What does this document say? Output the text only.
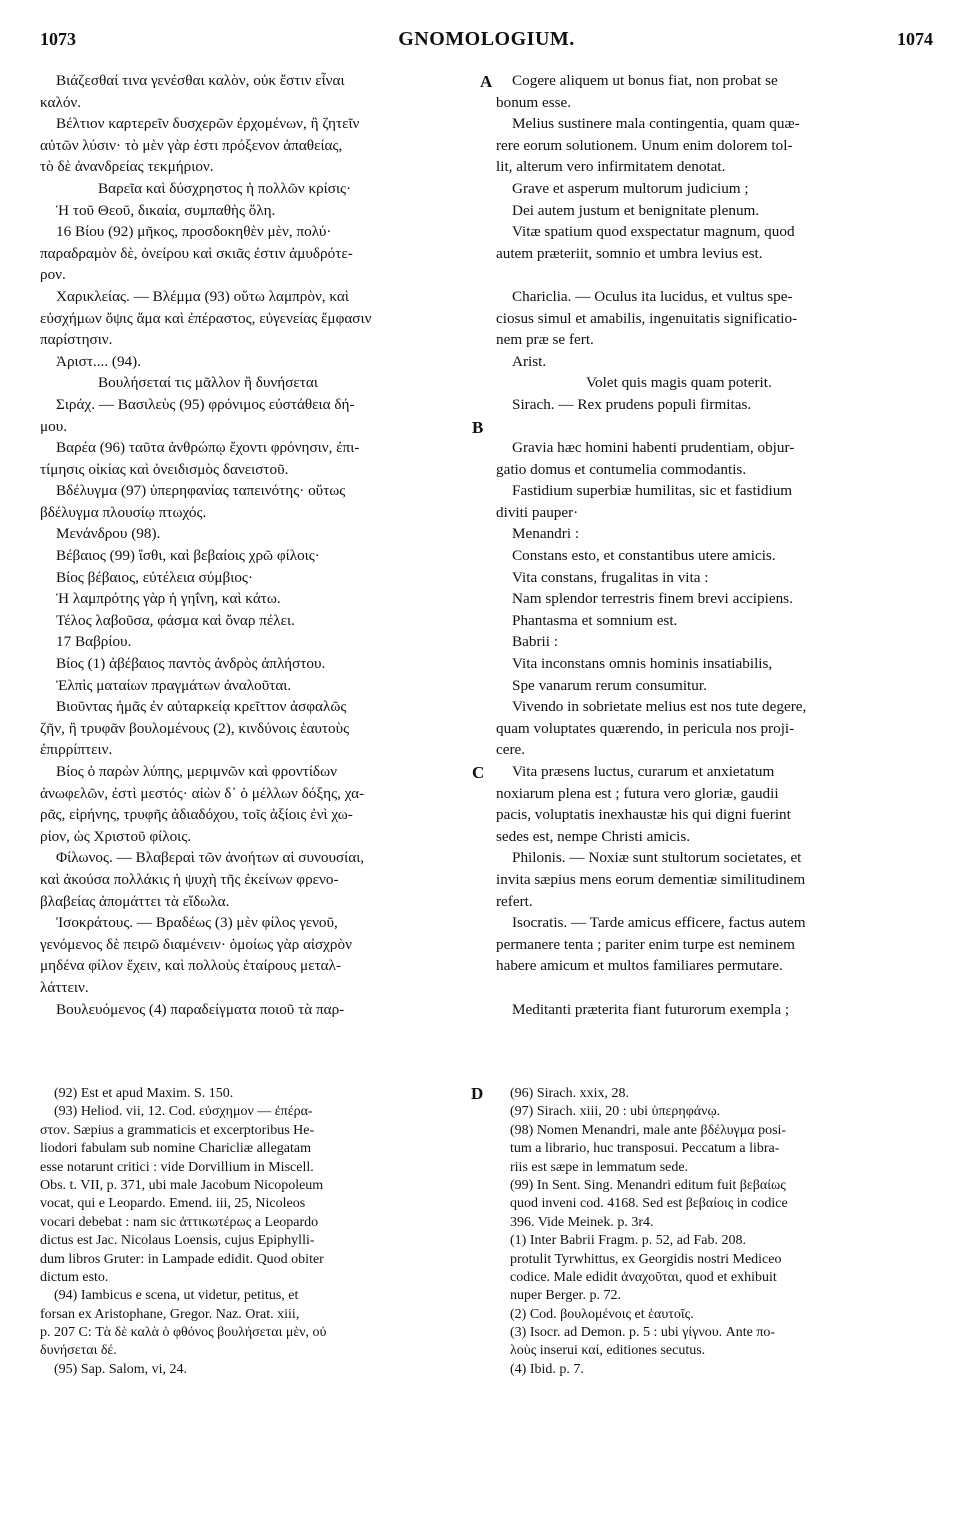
1073	GNOMOLOGIUM.	1074
Βιάζεσθαί τινα γενέσθαι καλὸν, οὐκ ἔστιν εἶναι
καλόν.
Βέλτιον καρτερεῖν δυσχερῶν ἐρχομένων, ἢ ζητεῖν
αὐτῶν λύσιν· τὸ μὲν γὰρ ἐστι πρόξενον ἀπαθείας,
τὸ δὲ ἀνανδρείας τεκμήριον.
Βαρεῖα καὶ δύσχρηστος ἡ πολλῶν κρίσις·
Ἡ τοῦ Θεοῦ, δικαία, συμπαθὴς ὅλη.
16 Βίου (92) μῆκος, προσδοκηθὲν μὲν, πολύ·
παραδραμὸν δὲ, ὀνείρου καὶ σκιᾶς ἐστιν ἀμυδρότε-
ρον.
Χαρικλείας. — Βλέμμα (93) οὕτω λαμπρὸν, καὶ
εὐσχήμων ὄψις ἅμα καὶ ἐπέραστος, εὐγενείας ἔμφασιν
παρίστησιν.
Ἀριστ.... (94).
Βουλήσεταί τις μᾶλλον ἢ δυνήσεται
Σιράχ. — Βασιλεὺς (95) φρόνιμος εὐστάθεια δή-
μου.
Βαρέα (96) ταῦτα ἀνθρώπῳ ἔχοντι φρόνησιν, ἐπι-
τίμησις οἰκίας καὶ ὀνειδισμὸς δανειστοῦ.
Βδέλυγμα (97) ὑπερηφανίας ταπεινότης· οὕτως
βδέλυγμα πλουσίῳ πτωχός.
Μενάνδρου (98).
Βέβαιος (99) ἴσθι, καὶ βεβαίοις χρῶ φίλοις·
Βίος βέβαιος, εὐτέλεια σύμβιος·
Ἡ λαμπρότης γὰρ ἡ γηΐνη, καὶ κάτω.
Τέλος λαβοῦσα, φάσμα καὶ ὄναρ πέλει.
17 Βαβρίου.
Βίος (1) ἀβέβαιος παντὸς ἀνδρὸς ἀπλήστου.
Ἐλπὶς ματαίων πραγμάτων ἀναλοῦται.
Βιοῦντας ἡμᾶς ἐν αὐταρκείᾳ κρεῖττον ἀσφαλῶς
ζῆν, ἢ τρυφᾶν βουλομένους (2), κινδύνοις ἑαυτοὺς
ἐπιρρίπτειν.
Βίος ὁ παρὼν λύπης, μεριμνῶν καὶ φροντίδων
ἀνωφελῶν, ἐστὶ μεστός· αἰὼν δ᾽ ὁ μέλλων δόξης, χα-
ρᾶς, εἰρήνης, τρυφῆς ἀδιαδόχου, τοῖς ἀξίοις ἐνὶ χω-
ρίον, ὡς Χριστοῦ φίλοις.
Φίλωνος. — Βλαβεραὶ τῶν ἀνοήτων αἱ συνουσίαι,
καὶ ἀκούσα πολλάκις ἡ ψυχὴ τῆς ἐκείνων φρενο-
βλαβείας ἀπομάττει τὰ εἴδωλα.
Ἰσοκράτους. — Βραδέως (3) μὲν φίλος γενοῦ,
γενόμενος δὲ πειρῶ διαμένειν· ὁμοίως γὰρ αἰσχρὸν
μηδένα φίλον ἔχειν, καὶ πολλοὺς ἑταίρους μεταλ-
λάττειν.
Βουλευόμενος (4) παραδείγματα ποιοῦ τὰ παρ-
Cogere aliquem ut bonus fiat, non probat se
bonum esse.
Melius sustinere mala contingentia, quam quæ-
rere eorum solutionem. Unum enim dolorem tol-
lit, alterum vero infirmitatem denotat.
Grave et asperum multorum judicium ;
Dei autem justum et benignitate plenum.
Vitæ spatium quod exspectatur magnum, quod
autem præteriit, somnio et umbra levius est.
Chariclia. — Oculus ita lucidus, et vultus spe-
ciosus simul et amabilis, ingenuitatis significatio-
nem præ se fert.
Arist.
Volet quis magis quam poterit.
Sirach. — Rex prudens populi firmitas.
Gravia hæc homini habenti prudentiam, objur-
gatio domus et contumelia commodantis.
Fastidium superbiæ humilitas, sic et fastidium
diviti pauper·
Menandri :
Constans esto, et constantibus utere amicis.
Vita constans, frugalitas in vita :
Nam splendor terrestris finem brevi accipiens.
Phantasma et somnium est.
Babrii :
Vita inconstans omnis hominis insatiabilis,
Spe vanarum rerum consumitur.
Vivendo in sobrietate melius est nos tute degere,
quam voluptates quærendo, in pericula nos proji-
cere.
Vita præsens luctus, curarum et anxietatum
noxiarum plena est ; futura vero gloriæ, gaudii
pacis, voluptatis inexhaustæ his qui digni fuerint
sedes est, nempe Christi amicis.
Philonis. — Noxiæ sunt stultorum societates, et
invita sæpius mens eorum dementiæ similitudinem
refert.
Isocratis. — Tarde amicus efficere, factus autem
permanere tenta ; pariter enim turpe est neminem
habere amicum et multos familiares permutare.
Meditanti præterita fiant futurorum exempla ;
A
B
C
D
(92) Est et apud Maxim. S. 150.
(93) Heliod. vii, 12. Cod. εὐσχημον — ἐπέρα-
στον. Sæpius a grammaticis et excerptoribus He-
liodori fabulam sub nomine Charicliæ allegatam
esse notarunt critici : vide Dorvillium in Miscell.
Obs. t. VII, p. 371, ubi male Jacobum Nicopoleum
vocat, qui e Leopardo. Emend. iii, 25, Nicoleos
vocari debebat : nam sic ἀττικωτέρως a Leopardo
dictus est Jac. Nicolaus Loensis, cujus Epiphylli-
dum libros Gruter: in Lampade edidit. Quod obiter
dictum esto.
(94) Iambicus e scena, ut videtur, petitus, et
forsan ex Aristophane, Gregor. Naz. Orat. xiii,
p. 207 C: Τὰ δὲ καλὰ ὁ φθόνος βουλήσεται μὲν, οὐ
δυνήσεται δέ.
(95) Sap. Salom, vi, 24.
(96) Sirach. xxix, 28.
(97) Sirach. xiii, 20 : ubi ὑπερηφάνῳ.
(98) Nomen Menandri, male ante βδέλυγμα posi-
tum a librario, huc transposui. Peccatum a libra-
riis est sæpe in lemmatum sede.
(99) In Sent. Sing. Menandri editum fuit βεβαίως
quod inveni cod. 4168. Sed est βεβαίοις in codice
396. Vide Meinek. p. 3r4.
(1) Inter Babrii Fragm. p. 52, ad Fab. 208.
protulit Tyrwhittus, ex Georgidis nostri Mediceo
codice. Male edidit ἀναχοῦται, quod et exhibuit
nuper Berger. p. 72.
(2) Cod. βουλομένοις et ἑαυτοῖς.
(3) Isocr. ad Demon. p. 5 : ubi γίγνου. Ante πο-
λοὺς inserui καί, editiones secutus.
(4) Ibid. p. 7.
